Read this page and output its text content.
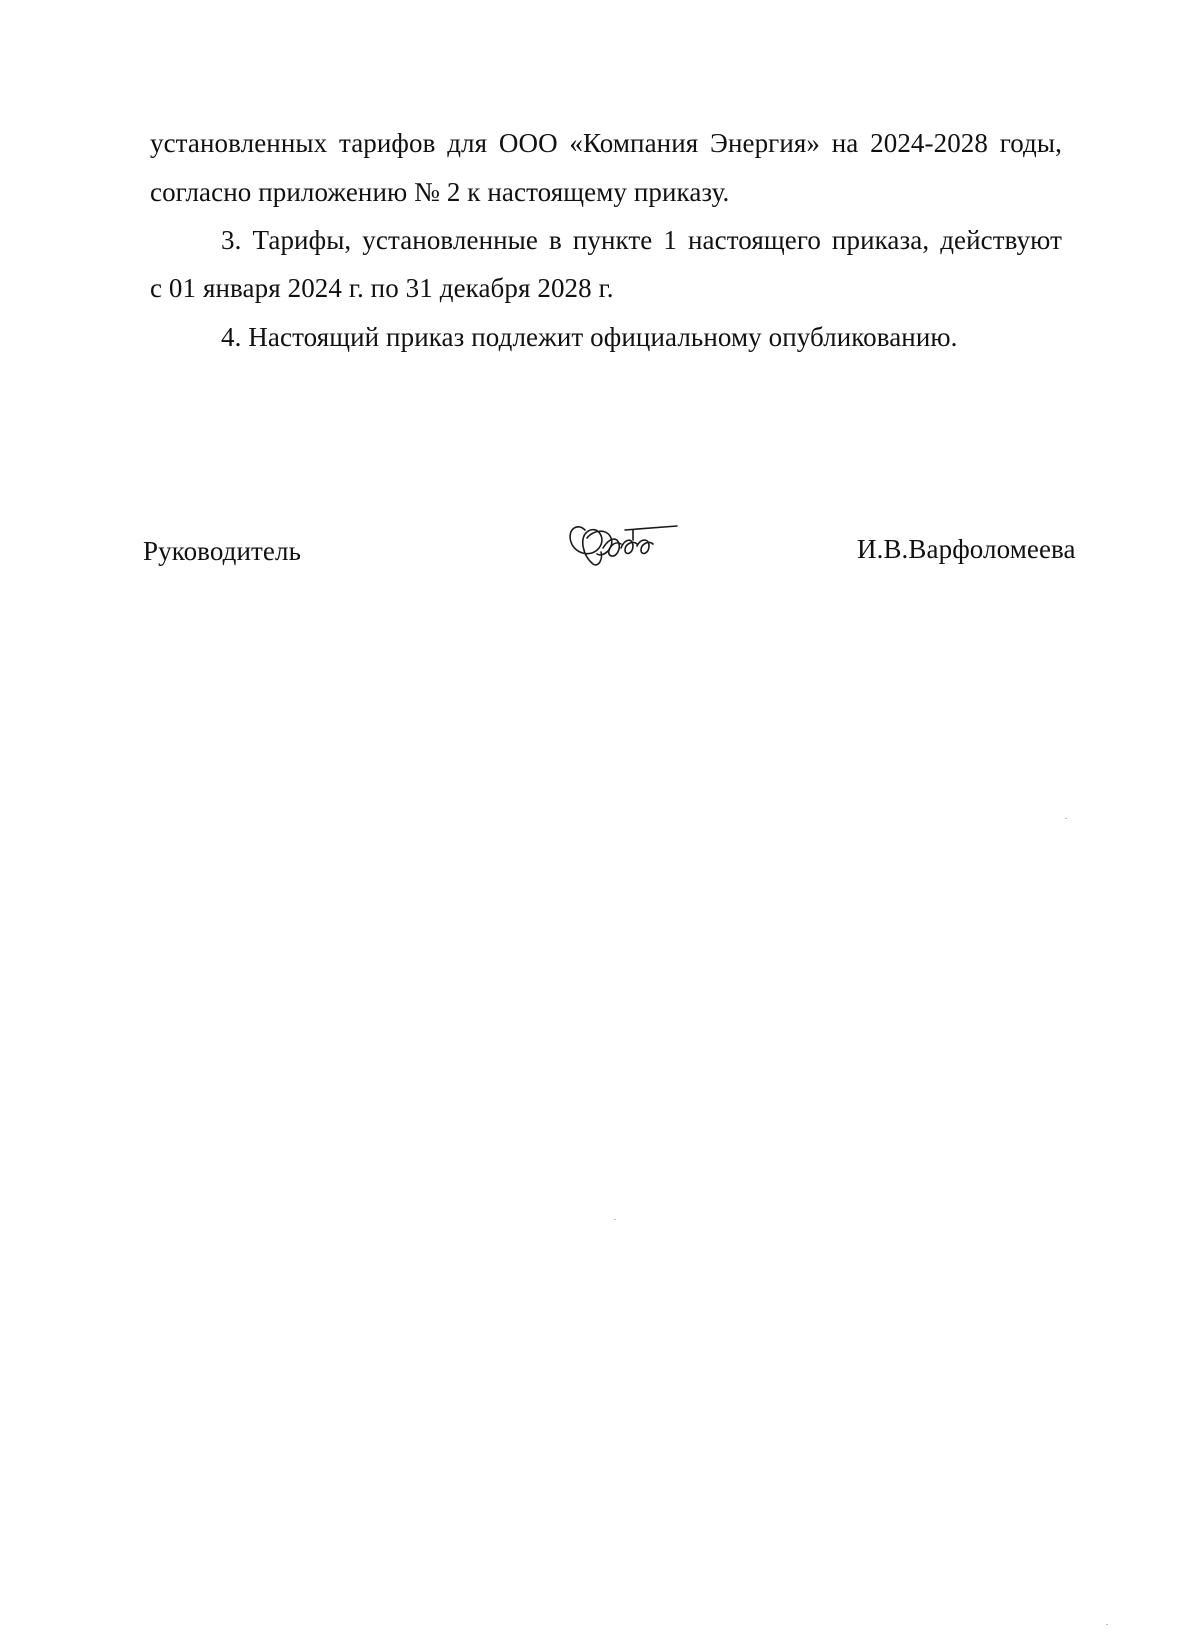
установленных тарифов для ООО «Компания Энергия» на 2024-2028 годы,
согласно приложению № 2 к настоящему приказу.
3. Тарифы, установленные в пункте 1 настоящего приказа, действуют
с 01 января 2024 г. по 31 декабря 2028 г.
4. Настоящий приказ подлежит официальному опубликованию.
Руководитель	И.В.Варфоломеева
